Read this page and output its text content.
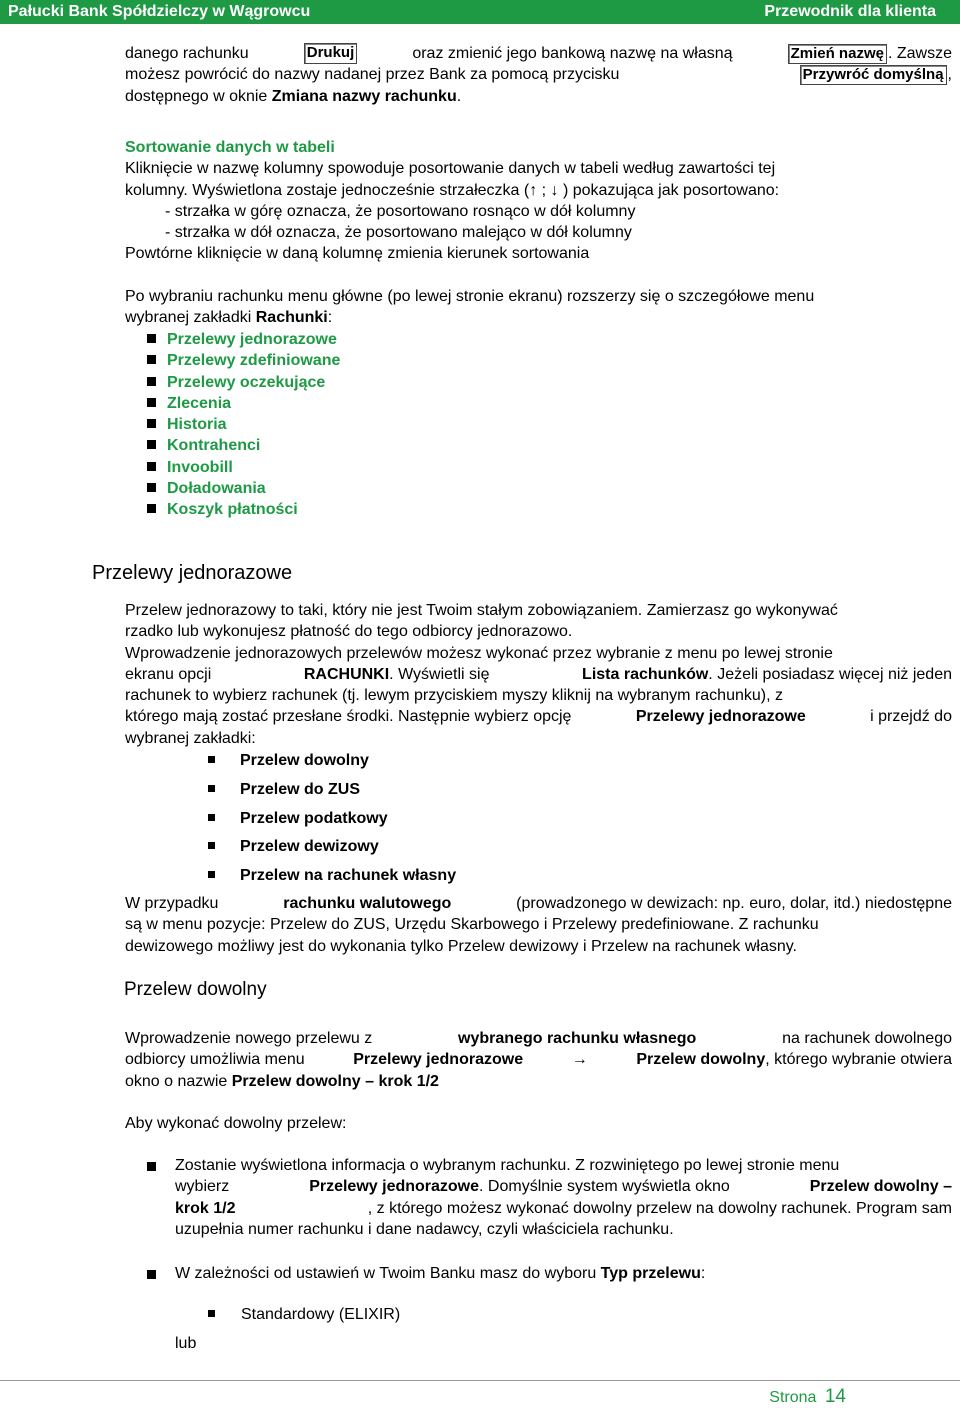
Pałucki Bank Spółdzielczy w Wągrowcu	Przewodnik dla klienta
danego rachunku	Drukuj	oraz zmienić jego bankową nazwę na własną	Zmień nazwę . Zawsze
możesz powrócić do nazwy nadanej przez Bank za pomocą przycisku	Przywróć domyślną ,
dostępnego w oknie Zmiana nazwy rachunku.
Sortowanie danych w tabeli
Kliknięcie w nazwę kolumny spowoduje posortowanie danych w tabeli według zawartości tej
kolumny. Wyświetlona zostaje jednocześnie strzałeczka (↑ ; ↓ ) pokazująca jak posortowano:
- strzałka w górę oznacza, że posortowano rosnąco w dół kolumny
- strzałka w dół oznacza, że posortowano malejąco w dół kolumny
Powtórne kliknięcie w daną kolumnę zmienia kierunek sortowania
Po wybraniu rachunku menu główne (po lewej stronie ekranu) rozszerzy się o szczegółowe menu
wybranej zakładki Rachunki:
Przelewy jednorazowe
Przelewy zdefiniowane
Przelewy oczekujące
Zlecenia
Historia
Kontrahenci
Invoobill
Doładowania
Koszyk płatności
Przelewy jednorazowe
Przelew jednorazowy to taki, który nie jest Twoim stałym zobowiązaniem. Zamierzasz go wykonywać
rzadko lub wykonujesz płatność do tego odbiorcy jednorazowo.
Wprowadzenie jednorazowych przelewów możesz wykonać przez wybranie z menu po lewej stronie
ekranu opcji	RACHUNKI. Wyświetli się	Lista rachunków. Jeżeli posiadasz więcej niż jeden
rachunek to wybierz rachunek (tj. lewym przyciskiem myszy kliknij na wybranym rachunku), z
którego mają zostać przesłane środki. Następnie wybierz opcję	Przelewy jednorazowe	i przejdź do
wybranej zakładki:
Przelew dowolny
Przelew do ZUS
Przelew podatkowy
Przelew dewizowy
Przelew na rachunek własny
W przypadku	rachunku walutowego	(prowadzonego w dewizach: np. euro, dolar, itd.) niedostępne
są w menu pozycje: Przelew do ZUS, Urzędu Skarbowego i Przelewy predefiniowane. Z rachunku
dewizowego możliwy jest do wykonania tylko Przelew dewizowy i Przelew na rachunek własny.
Przelew dowolny
Wprowadzenie nowego przelewu z	wybranego rachunku własnego	na rachunek dowolnego
odbiorcy umożliwia menu	Przelewy jednorazowe	→	Przelew dowolny, którego wybranie otwiera
okno o nazwie Przelew dowolny – krok 1/2
Aby wykonać dowolny przelew:
Zostanie wyświetlona informacja o wybranym rachunku. Z rozwiniętego po lewej stronie menu
wybierz	Przelewy jednorazowe. Domyślnie system wyświetla okno	Przelew dowolny –
krok 1/2	, z którego możesz wykonać dowolny przelew na dowolny rachunek. Program sam
uzupełnia numer rachunku i dane nadawcy, czyli właściciela rachunku.
W zależności od ustawień w Twoim Banku masz do wyboru Typ przelewu:
Standardowy (ELIXIR)
lub
Strona 14
